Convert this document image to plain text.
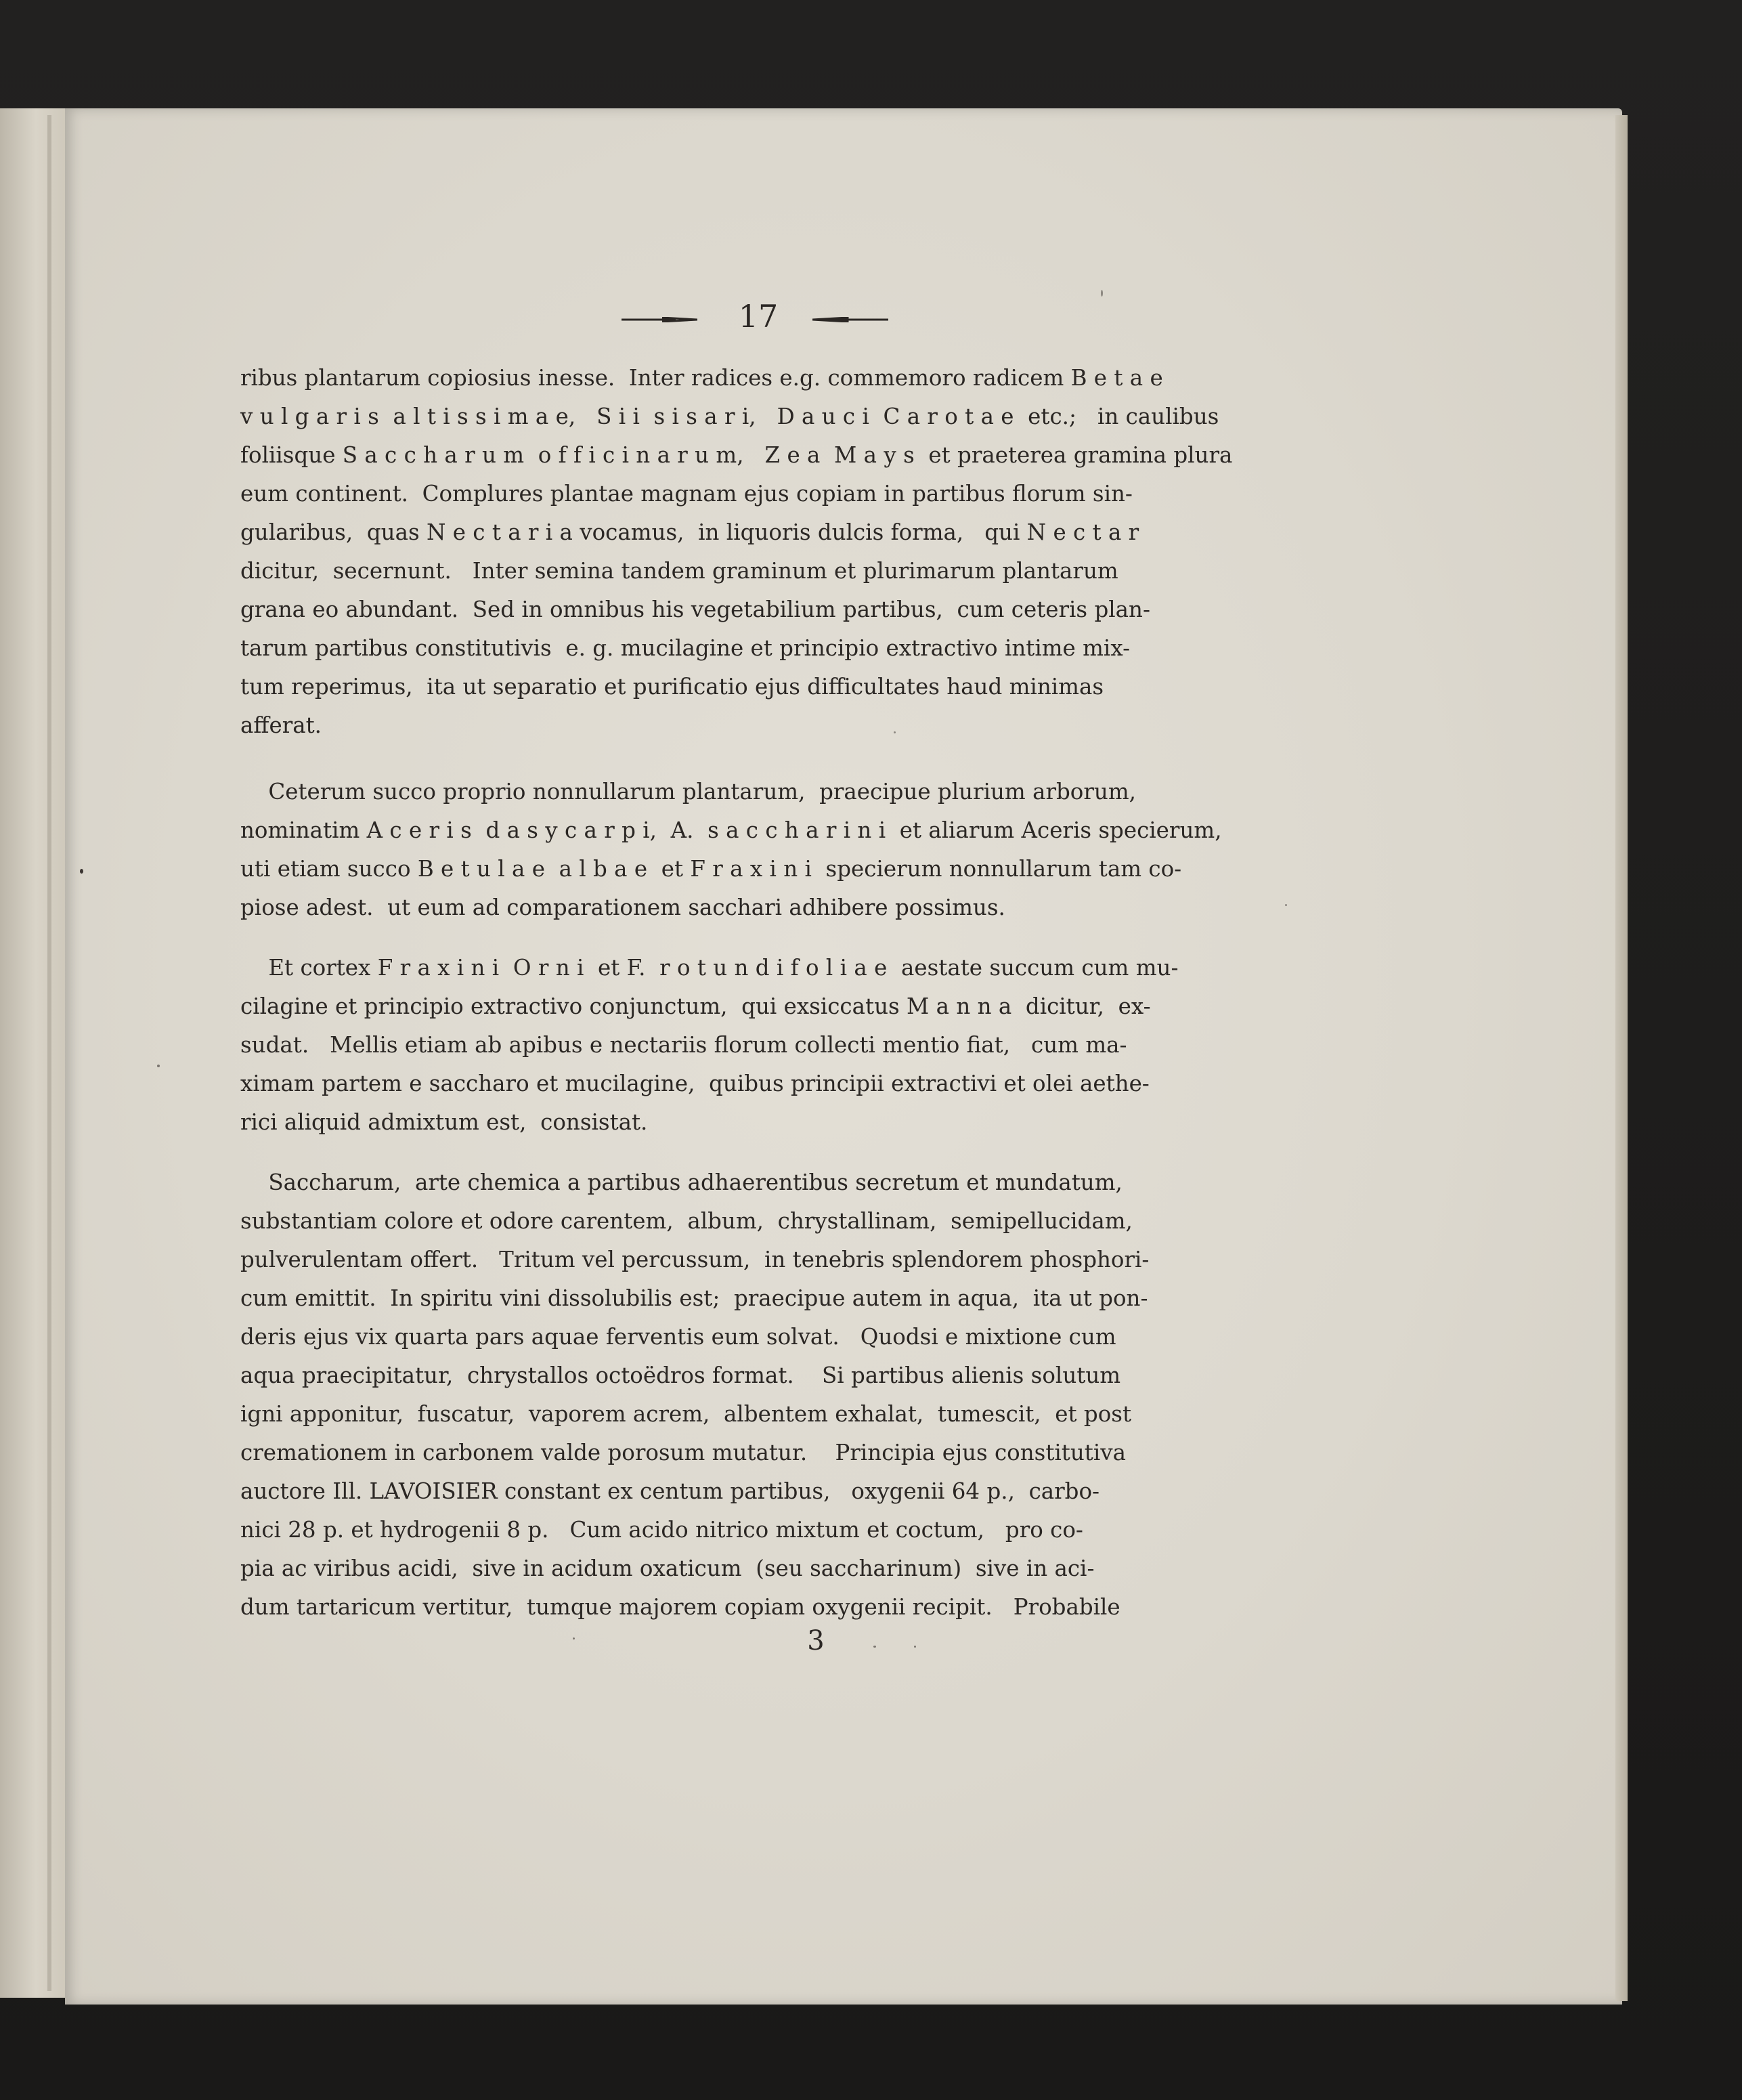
17
ribus plantarum copiosius inesse.  Inter radices e.g. commemoro radicem B e t a e
v u l g a r i s  a l t i s s i m a e,   S i i  s i s a r i,   D a u c i  C a r o t a e  etc.;   in caulibus
foliisque S a c c h a r u m  o f f i c i n a r u m,   Z e a  M a y s  et praeterea gramina plura
eum continent.  Complures plantae magnam ejus copiam in partibus florum sin-
gularibus,  quas N e c t a r i a vocamus,  in liquoris dulcis forma,   qui N e c t a r
dicitur,  secernunt.   Inter semina tandem graminum et plurimarum plantarum
grana eo abundant.  Sed in omnibus his vegetabilium partibus,  cum ceteris plan-
tarum partibus constitutivis  e. g. mucilagine et principio extractivo intime mix-
tum reperimus,  ita ut separatio et purificatio ejus difficultates haud minimas
afferat.
Ceterum succo proprio nonnullarum plantarum,  praecipue plurium arborum,
nominatim A c e r i s  d a s y c a r p i,  A.  s a c c h a r i n i  et aliarum Aceris specierum,
uti etiam succo B e t u l a e  a l b a e  et F r a x i n i  specierum nonnullarum tam co-
piose adest.  ut eum ad comparationem sacchari adhibere possimus.
Et cortex F r a x i n i  O r n i  et F.  r o t u n d i f o l i a e  aestate succum cum mu-
cilagine et principio extractivo conjunctum,  qui exsiccatus M a n n a  dicitur,  ex-
sudat.   Mellis etiam ab apibus e nectariis florum collecti mentio fiat,   cum ma-
ximam partem e saccharo et mucilagine,  quibus principii extractivi et olei aethe-
rici aliquid admixtum est,  consistat.
Saccharum,  arte chemica a partibus adhaerentibus secretum et mundatum,
substantiam colore et odore carentem,  album,  chrystallinam,  semipellucidam,
pulverulentam offert.   Tritum vel percussum,  in tenebris splendorem phosphori-
cum emittit.  In spiritu vini dissolubilis est;  praecipue autem in aqua,  ita ut pon-
deris ejus vix quarta pars aquae ferventis eum solvat.   Quodsi e mixtione cum
aqua praecipitatur,  chrystallos octoëdros format.    Si partibus alienis solutum
igni apponitur,  fuscatur,  vaporem acrem,  albentem exhalat,  tumescit,  et post
cremationem in carbonem valde porosum mutatur.    Principia ejus constitutiva
auctore Ill. LAVOISIER constant ex centum partibus,   oxygenii 64 p.,  carbo-
nici 28 p. et hydrogenii 8 p.   Cum acido nitrico mixtum et coctum,   pro co-
pia ac viribus acidi,  sive in acidum oxaticum  (seu saccharinum)  sive in aci-
dum tartaricum vertitur,  tumque majorem copiam oxygenii recipit.   Probabile
3
